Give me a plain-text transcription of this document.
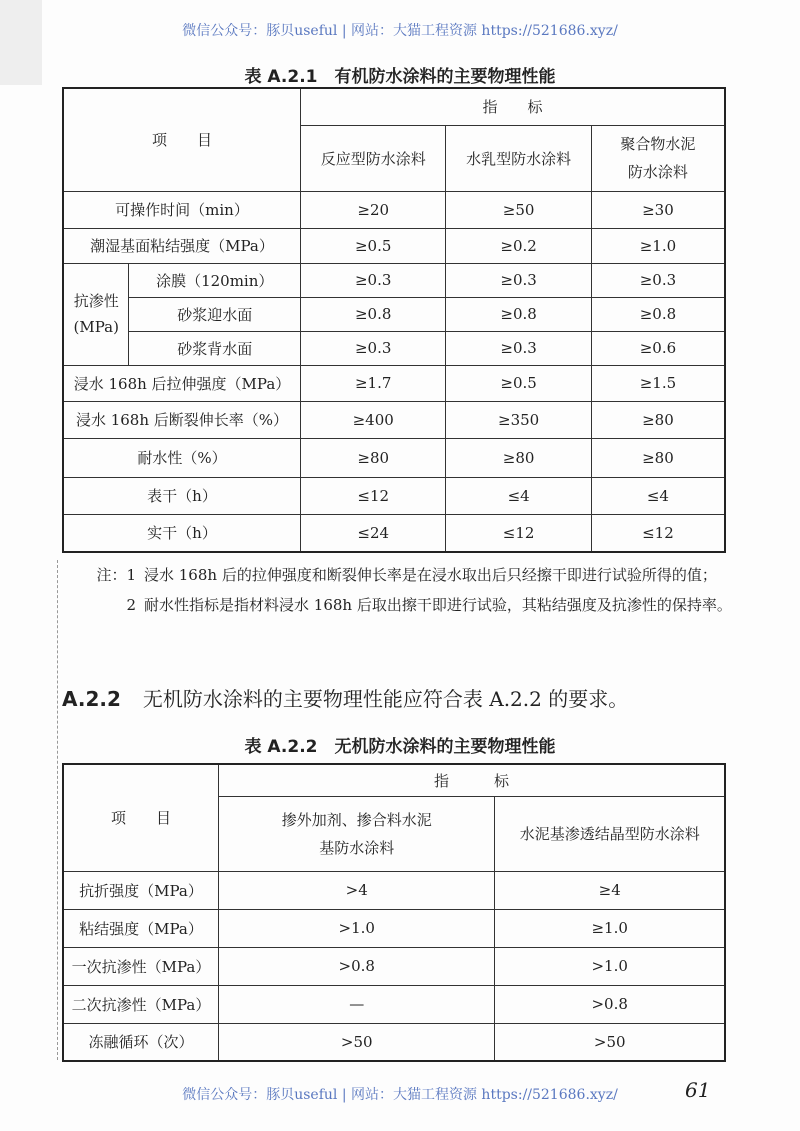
微信公众号：豚贝useful | 网站：大猫工程资源 https://521686.xyz/
表 A.2.1　有机防水涂料的主要物理性能
项　　目		指　　标		
		反应型防水涂料	水乳型防水涂料	聚合物水泥防水涂料
可操作时间（min）		≥20	≥50	≥30
潮湿基面粘结强度（MPa）		≥0.5	≥0.2	≥1.0
抗渗性(MPa)	涂膜（120min）	≥0.3	≥0.3	≥0.3
	砂浆迎水面	≥0.8	≥0.8	≥0.8
	砂浆背水面	≥0.3	≥0.3	≥0.6
浸水 168h 后拉伸强度（MPa）		≥1.7	≥0.5	≥1.5
浸水 168h 后断裂伸长率（%）		≥400	≥350	≥80
耐水性（%）		≥80	≥80	≥80
表干（h）		≤12	≤4	≤4
实干（h）		≤24	≤12	≤12
注：1 浸水 168h 后的拉伸强度和断裂伸长率是在浸水取出后只经擦干即进行试验所得的值；
2 耐水性指标是指材料浸水 168h 后取出擦干即进行试验，其粘结强度及抗渗性的保持率。
A.2.2 无机防水涂料的主要物理性能应符合表 A.2.2 的要求。
表 A.2.2　无机防水涂料的主要物理性能
项　　目	指　　　标	
	掺外加剂、掺合料水泥基防水涂料	水泥基渗透结晶型防水涂料
抗折强度（MPa）	>4	≥4
粘结强度（MPa）	>1.0	≥1.0
一次抗渗性（MPa）	>0.8	>1.0
二次抗渗性（MPa）	—	>0.8
冻融循环（次）	>50	>50
微信公众号：豚贝useful | 网站：大猫工程资源 https://521686.xyz/	61
